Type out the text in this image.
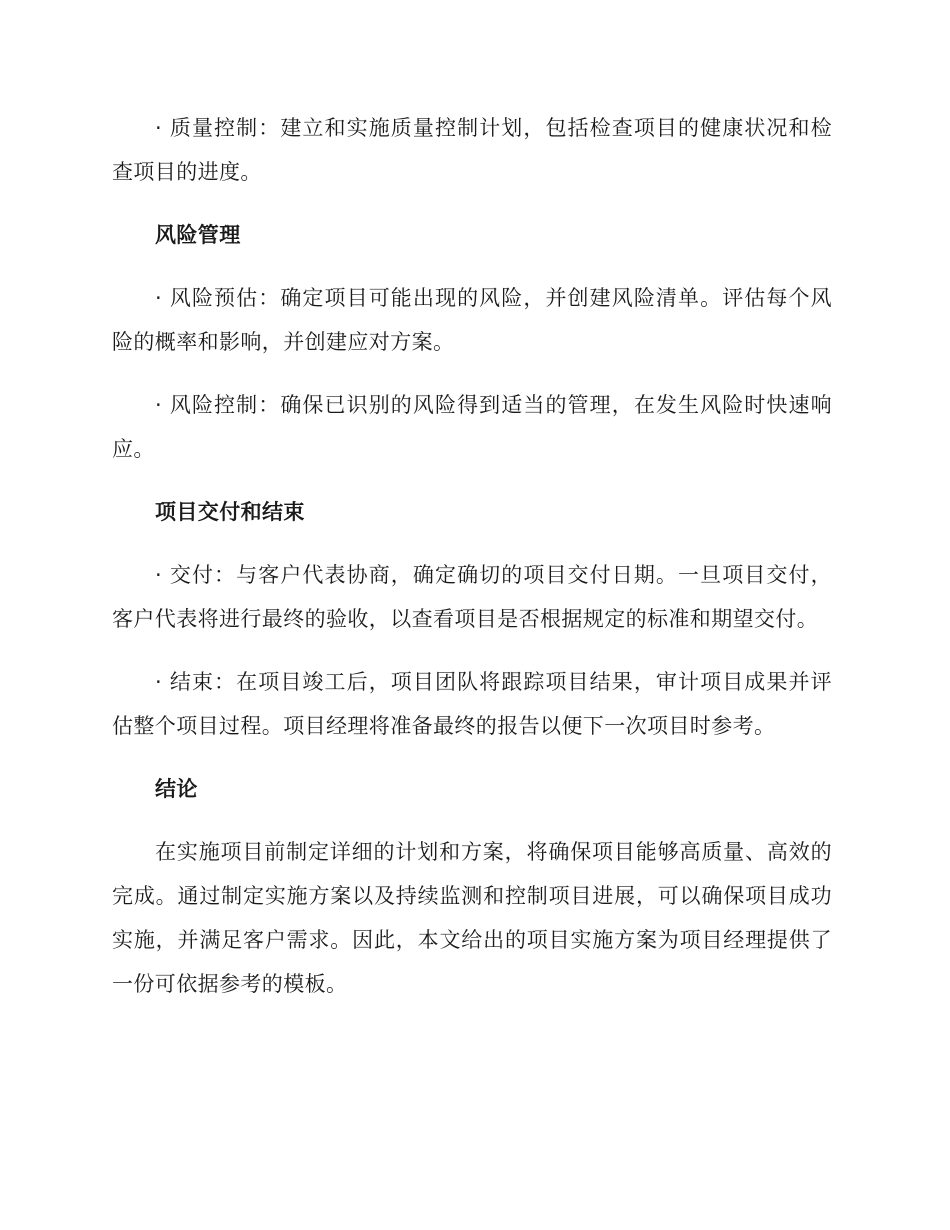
· 质量控制：建立和实施质量控制计划，包括检查项目的健康状况和检查项目的进度。

风险管理

· 风险预估：确定项目可能出现的风险，并创建风险清单。评估每个风险的概率和影响，并创建应对方案。

· 风险控制：确保已识别的风险得到适当的管理，在发生风险时快速响应。

项目交付和结束

· 交付：与客户代表协商，确定确切的项目交付日期。一旦项目交付，客户代表将进行最终的验收，以查看项目是否根据规定的标准和期望交付。

· 结束：在项目竣工后，项目团队将跟踪项目结果，审计项目成果并评估整个项目过程。项目经理将准备最终的报告以便下一次项目时参考。

结论

在实施项目前制定详细的计划和方案，将确保项目能够高质量、高效的完成。通过制定实施方案以及持续监测和控制项目进展，可以确保项目成功实施，并满足客户需求。因此，本文给出的项目实施方案为项目经理提供了一份可依据参考的模板。
